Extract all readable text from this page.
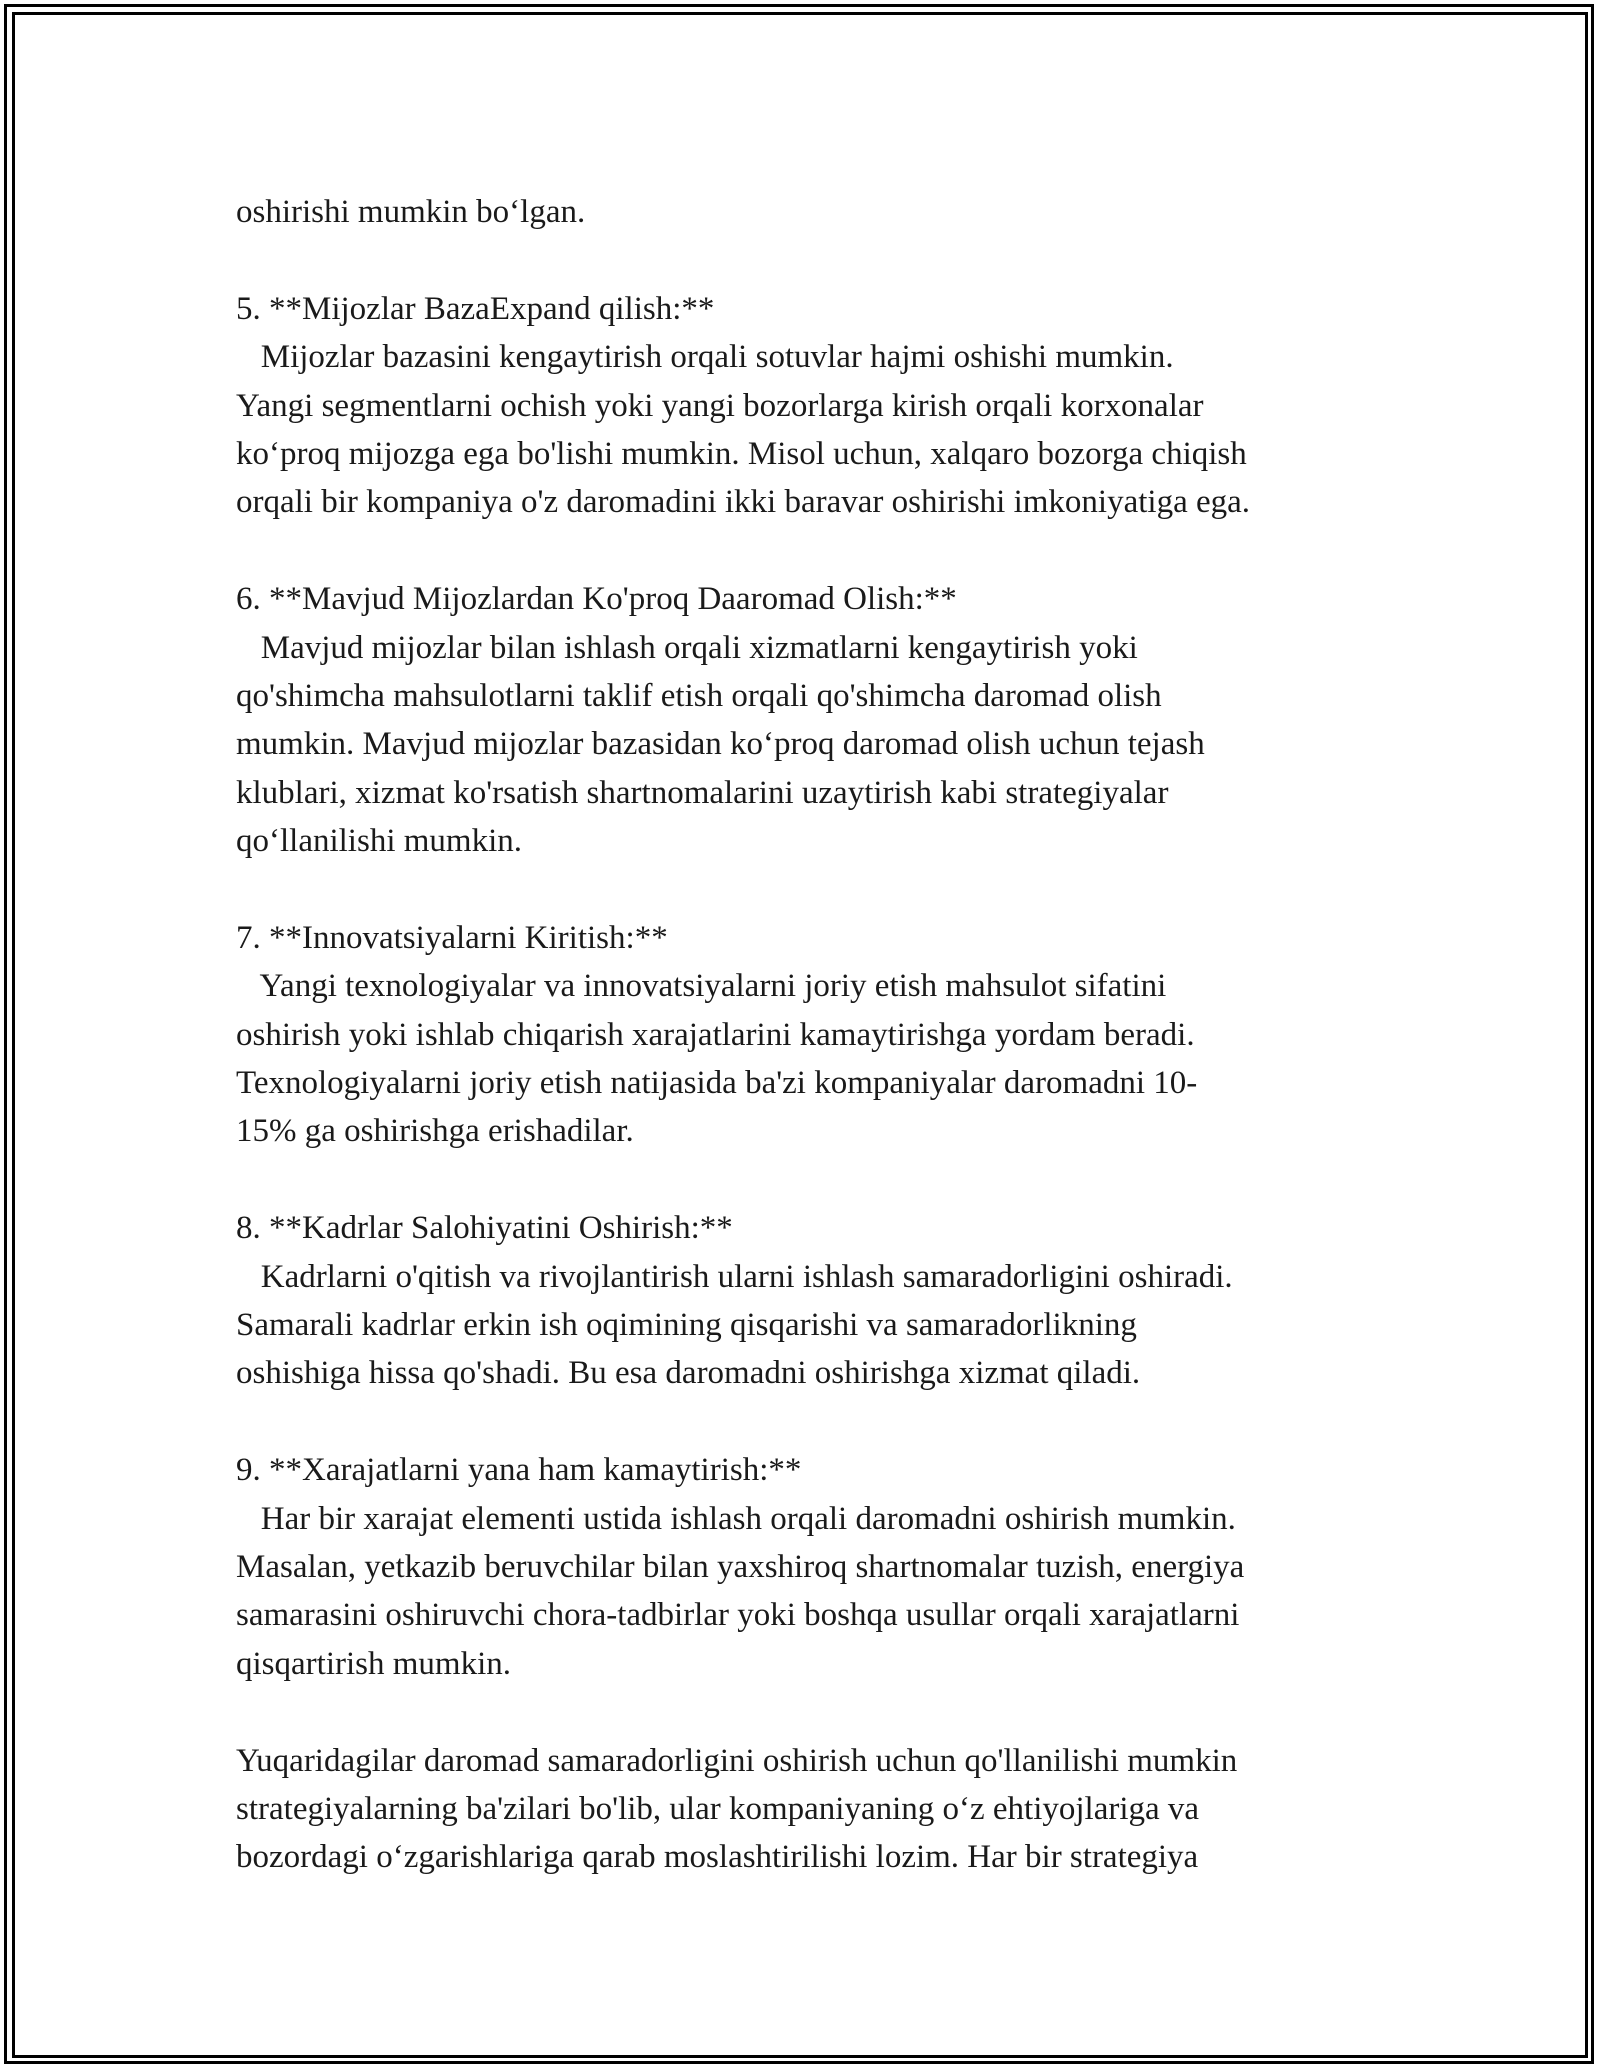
oshirishi mumkin bo‘lgan.
5. **Mijozlar BazaExpand qilish:**
Mijozlar bazasini kengaytirish orqali sotuvlar hajmi oshishi mumkin.
Yangi segmentlarni ochish yoki yangi bozorlarga kirish orqali korxonalar
ko‘proq mijozga ega bo'lishi mumkin. Misol uchun, xalqaro bozorga chiqish
orqali bir kompaniya o'z daromadini ikki baravar oshirishi imkoniyatiga ega.
6. **Mavjud Mijozlardan Ko'proq Daaromad Olish:**
Mavjud mijozlar bilan ishlash orqali xizmatlarni kengaytirish yoki
qo'shimcha mahsulotlarni taklif etish orqali qo'shimcha daromad olish
mumkin. Mavjud mijozlar bazasidan ko‘proq daromad olish uchun tejash
klublari, xizmat ko'rsatish shartnomalarini uzaytirish kabi strategiyalar
qo‘llanilishi mumkin.
7. **Innovatsiyalarni Kiritish:**
Yangi texnologiyalar va innovatsiyalarni joriy etish mahsulot sifatini
oshirish yoki ishlab chiqarish xarajatlarini kamaytirishga yordam beradi.
Texnologiyalarni joriy etish natijasida ba'zi kompaniyalar daromadni 10-
15% ga oshirishga erishadilar.
8. **Kadrlar Salohiyatini Oshirish:**
Kadrlarni o'qitish va rivojlantirish ularni ishlash samaradorligini oshiradi.
Samarali kadrlar erkin ish oqimining qisqarishi va samaradorlikning
oshishiga hissa qo'shadi. Bu esa daromadni oshirishga xizmat qiladi.
9. **Xarajatlarni yana ham kamaytirish:**
Har bir xarajat elementi ustida ishlash orqali daromadni oshirish mumkin.
Masalan, yetkazib beruvchilar bilan yaxshiroq shartnomalar tuzish, energiya
samarasini oshiruvchi chora-tadbirlar yoki boshqa usullar orqali xarajatlarni
qisqartirish mumkin.
Yuqaridagilar daromad samaradorligini oshirish uchun qo'llanilishi mumkin
strategiyalarning ba'zilari bo'lib, ular kompaniyaning o‘z ehtiyojlariga va
bozordagi o‘zgarishlariga qarab moslashtirilishi lozim. Har bir strategiya
